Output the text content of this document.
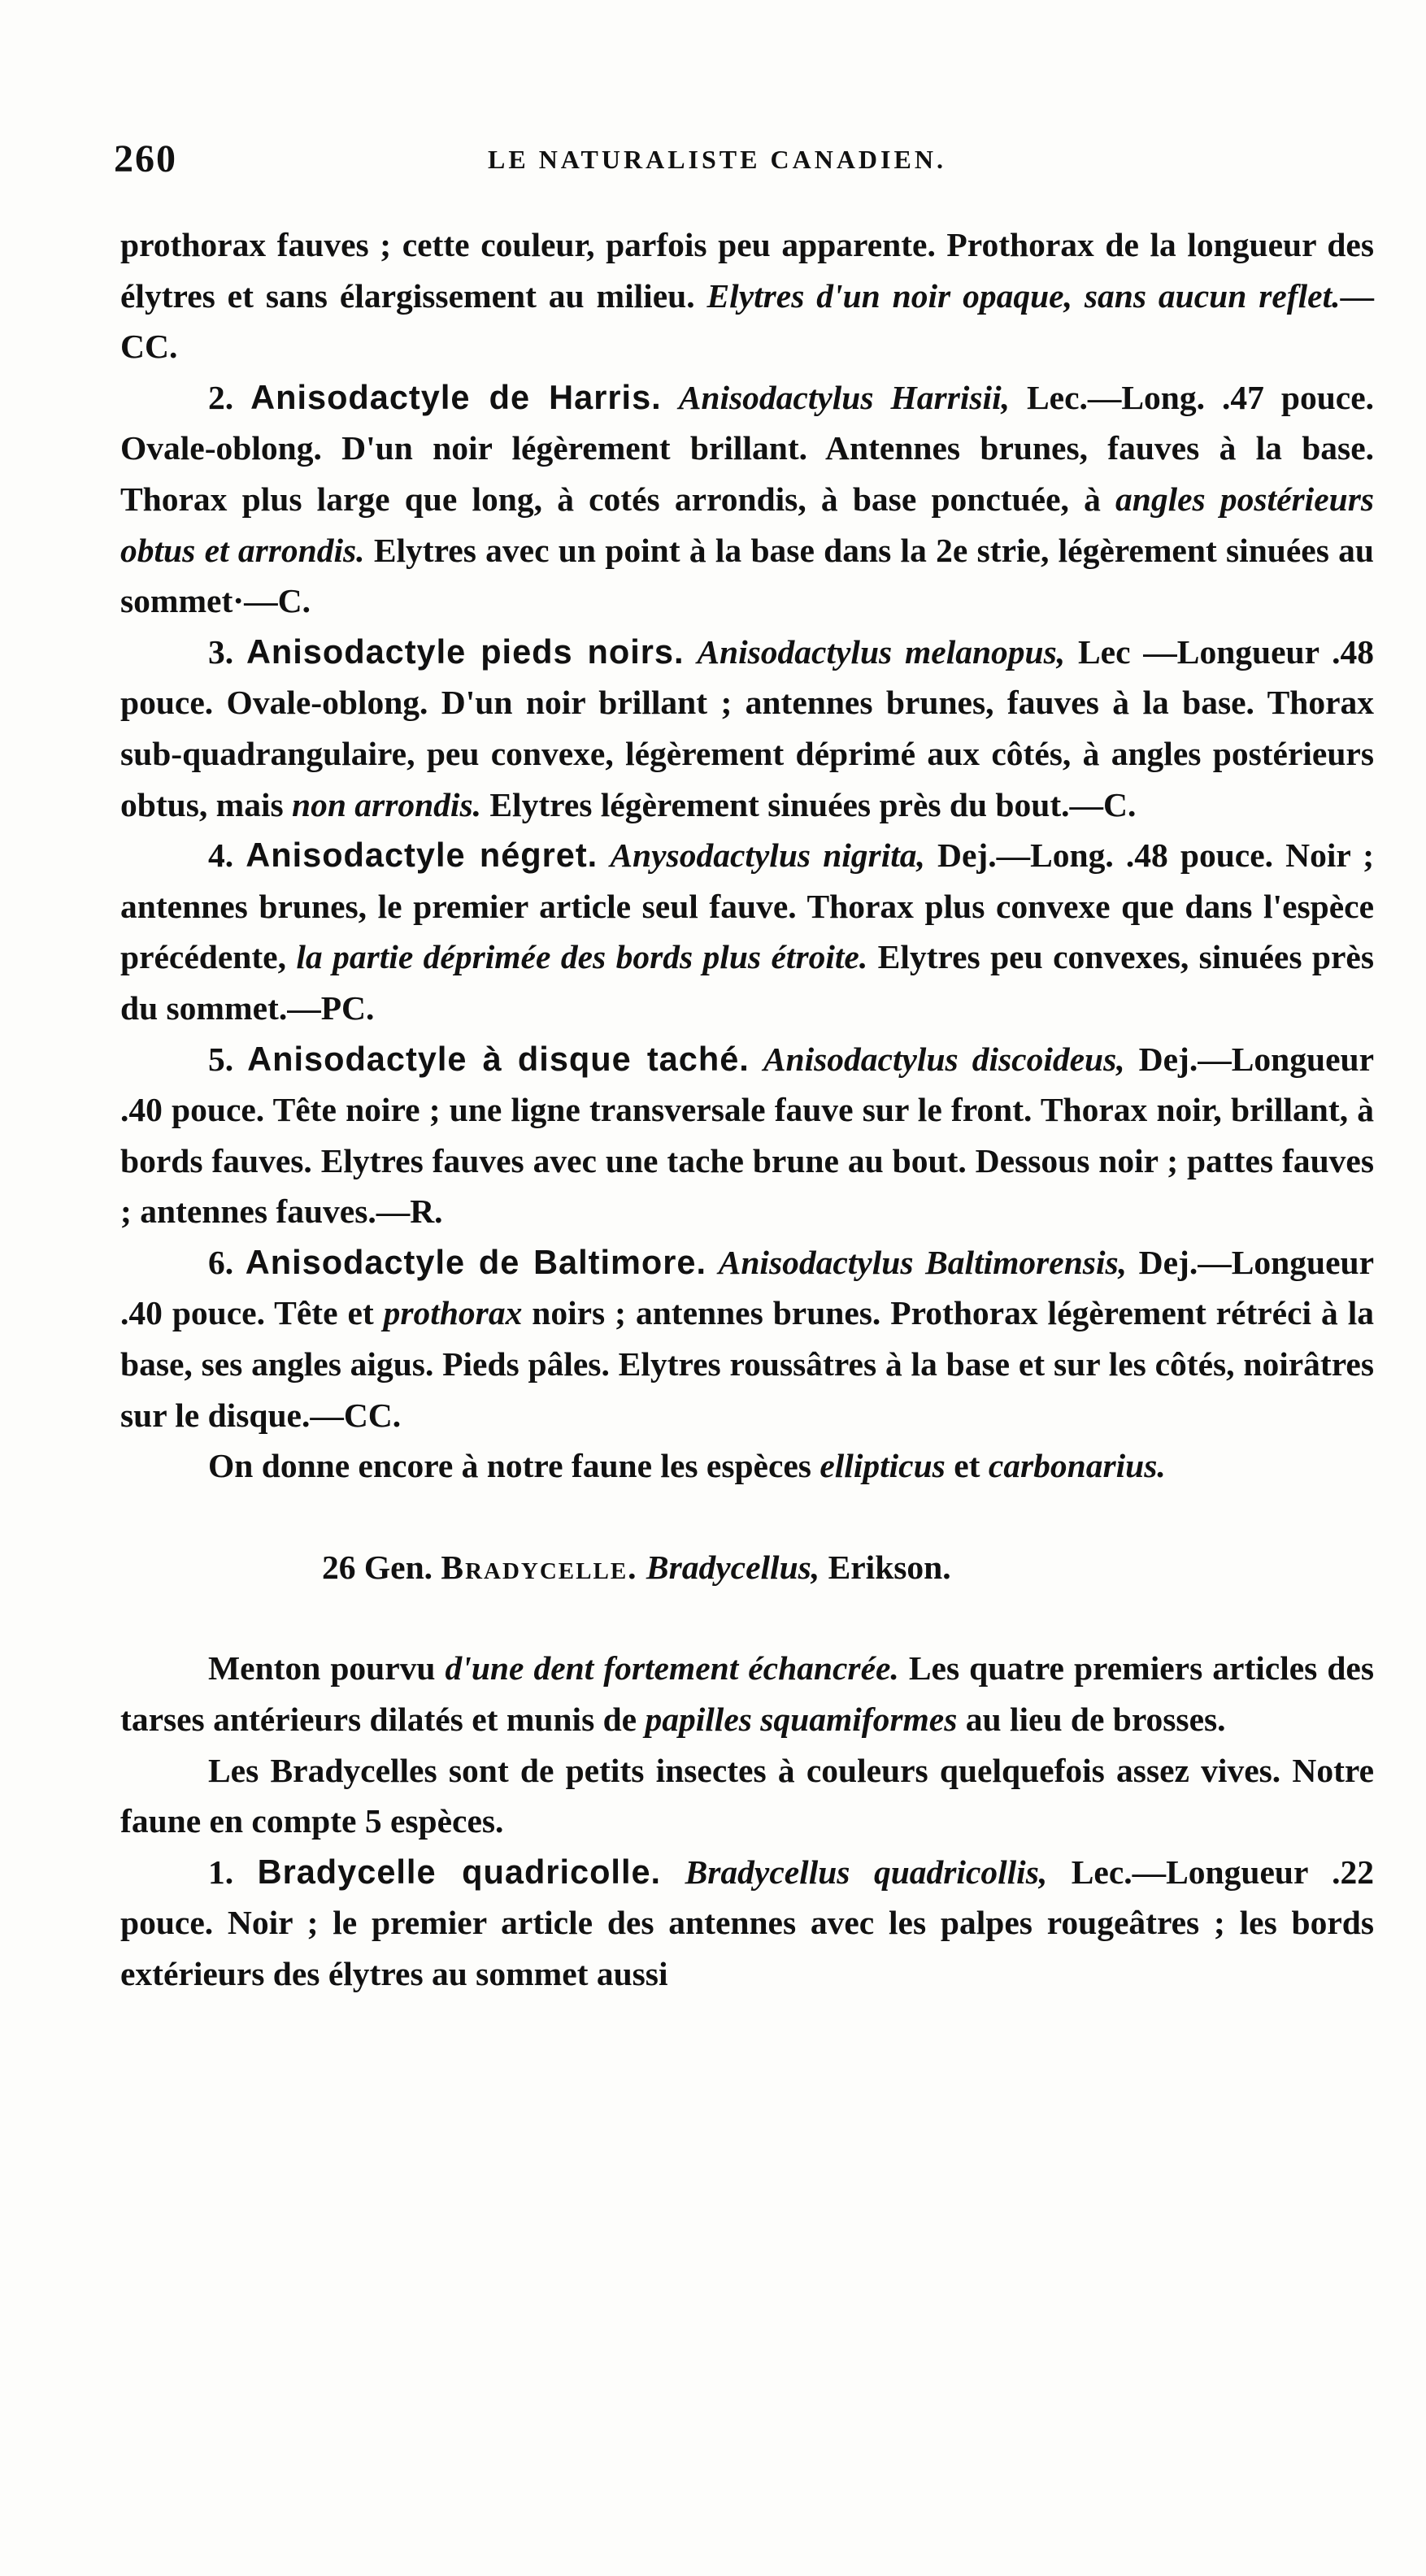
260	LE NATURALISTE CANADIEN.

prothorax fauves ; cette couleur, parfois peu apparente. Prothorax de la longueur des élytres et sans élargissement au milieu. Elytres d'un noir opaque, sans aucun reflet.—CC.

2. Anisodactyle de Harris. Anisodactylus Harrisii, Lec.—Long. .47 pouce. Ovale-oblong. D'un noir légèrement brillant. Antennes brunes, fauves à la base. Thorax plus large que long, à cotés arrondis, à base ponctuée, à angles postérieurs obtus et arrondis. Elytres avec un point à la base dans la 2e strie, légèrement sinuées au sommet·—C.

3. Anisodactyle pieds noirs. Anisodactylus melanopus, Lec —Longueur .48 pouce. Ovale-oblong. D'un noir brillant ; antennes brunes, fauves à la base. Thorax sub-quadrangulaire, peu convexe, légèrement déprimé aux côtés, à angles postérieurs obtus, mais non arrondis. Elytres légèrement sinuées près du bout.—C.

4. Anisodactyle négret. Anysodactylus nigrita, Dej.—Long. .48 pouce. Noir ; antennes brunes, le premier article seul fauve. Thorax plus convexe que dans l'espèce précédente, la partie déprimée des bords plus étroite. Elytres peu convexes, sinuées près du sommet.—PC.

5. Anisodactyle à disque taché. Anisodactylus discoideus, Dej.—Longueur .40 pouce. Tête noire ; une ligne transversale fauve sur le front. Thorax noir, brillant, à bords fauves. Elytres fauves avec une tache brune au bout. Dessous noir ; pattes fauves ; antennes fauves.—R.

6. Anisodactyle de Baltimore. Anisodactylus Baltimorensis, Dej.—Longueur .40 pouce. Tête et prothorax noirs ; antennes brunes. Prothorax légèrement rétréci à la base, ses angles aigus. Pieds pâles. Elytres roussâtres à la base et sur les côtés, noirâtres sur le disque.—CC.

On donne encore à notre faune les espèces ellipticus et carbonarius.

26 Gen. Bradycelle. Bradycellus, Erikson.

Menton pourvu d'une dent fortement échancrée. Les quatre premiers articles des tarses antérieurs dilatés et munis de papilles squamiformes au lieu de brosses.

Les Bradycelles sont de petits insectes à couleurs quelquefois assez vives. Notre faune en compte 5 espèces.

1. Bradycelle quadricolle. Bradycellus quadricollis, Lec.—Longueur .22 pouce. Noir ; le premier article des antennes avec les palpes rougeâtres ; les bords extérieurs des élytres au sommet aussi
